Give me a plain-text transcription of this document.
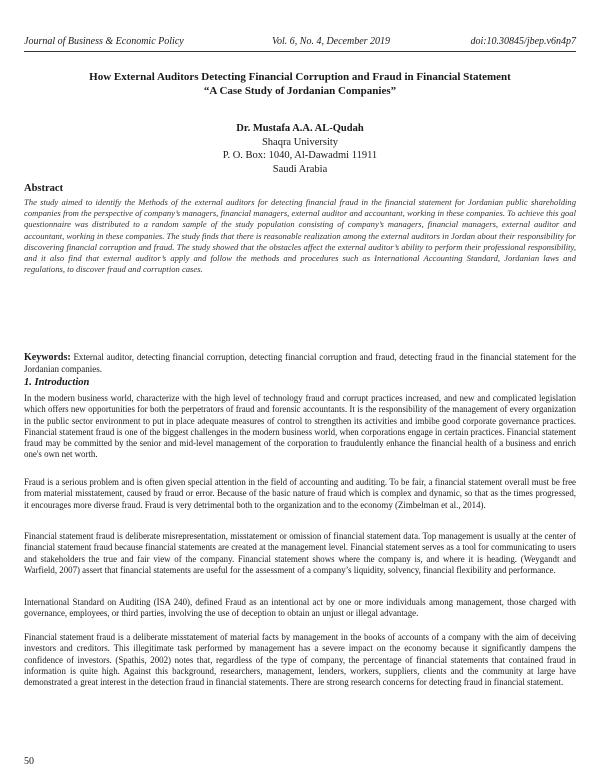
Journal of Business & Economic Policy	Vol. 6, No. 4, December 2019	doi:10.30845/jbep.v6n4p7
How External Auditors Detecting Financial Corruption and Fraud in Financial Statement
“A Case Study of Jordanian Companies”
Dr. Mustafa A.A. AL-Qudah
Shaqra University
P. O. Box: 1040, Al-Dawadmi 11911
Saudi Arabia
Abstract
The study aimed to identify the Methods of the external auditors for detecting financial fraud in the financial statement for Jordanian public shareholding companies from the perspective of company’s managers, financial managers, external auditor and accountant, working in these companies. To achieve this goal questionnaire was distributed to a random sample of the study population consisting of company’s managers, financial managers, external auditor and accountant, working in these companies. The study finds that there is reasonable realization among the external auditors in Jordan about their responsibility for discovering financial corruption and fraud. The study showed that the obstacles affect the external auditor’s ability to perform their professional responsibility, and it also find that external auditor’s apply and follow the methods and procedures such as International Accounting Standard, Jordanian laws and regulations, to discover fraud and corruption cases.
Keywords: External auditor, detecting financial corruption, detecting financial corruption and fraud, detecting fraud in the financial statement for the Jordanian companies.
1. Introduction
In the modern business world, characterize with the high level of technology fraud and corrupt practices increased, and new and complicated legislation which offers new opportunities for both the perpetrators of fraud and forensic accountants. It is the responsibility of the management of every organization in the public sector environment to put in place adequate measures of control to strengthen its activities and imbibe good corporate governance practices. Financial statement fraud is one of the biggest challenges in the modern business world, when corporations engage in certain practices. Financial statement fraud may be committed by the senior and mid-level management of the corporation to fraudulently enhance the financial health of a business and enrich one's own net worth.
Fraud is a serious problem and is often given special attention in the field of accounting and auditing. To be fair, a financial statement overall must be free from material misstatement, caused by fraud or error. Because of the basic nature of fraud which is complex and dynamic, so that as the times progressed, it encourages more diverse fraud. Fraud is very detrimental both to the organization and to the economy (Zimbelman et al., 2014).
Financial statement fraud is deliberate misrepresentation, misstatement or omission of financial statement data. Top management is usually at the center of financial statement fraud because financial statements are created at the management level. Financial statement serves as a tool for communicating to users and stakeholders the true and fair view of the company. Financial statement shows where the company is, and where it is heading. (Weygandt and Warfield, 2007) assert that financial statements are useful for the assessment of a company’s liquidity, solvency, financial flexibility and performance.
International Standard on Auditing (ISA 240), defined Fraud as an intentional act by one or more individuals among management, those charged with governance, employees, or third parties, involving the use of deception to obtain an unjust or illegal advantage.
Financial statement fraud is a deliberate misstatement of material facts by management in the books of accounts of a company with the aim of deceiving investors and creditors. This illegitimate task performed by management has a severe impact on the economy because it significantly dampens the confidence of investors. (Spathis, 2002) notes that, regardless of the type of company, the percentage of financial statements that contained fraud in information is quite high. Against this background, researchers, management, lenders, workers, suppliers, clients and the community at large have demonstrated a great interest in the detection fraud in financial statements. There are strong research concerns for detecting fraud in financial statement.
50
